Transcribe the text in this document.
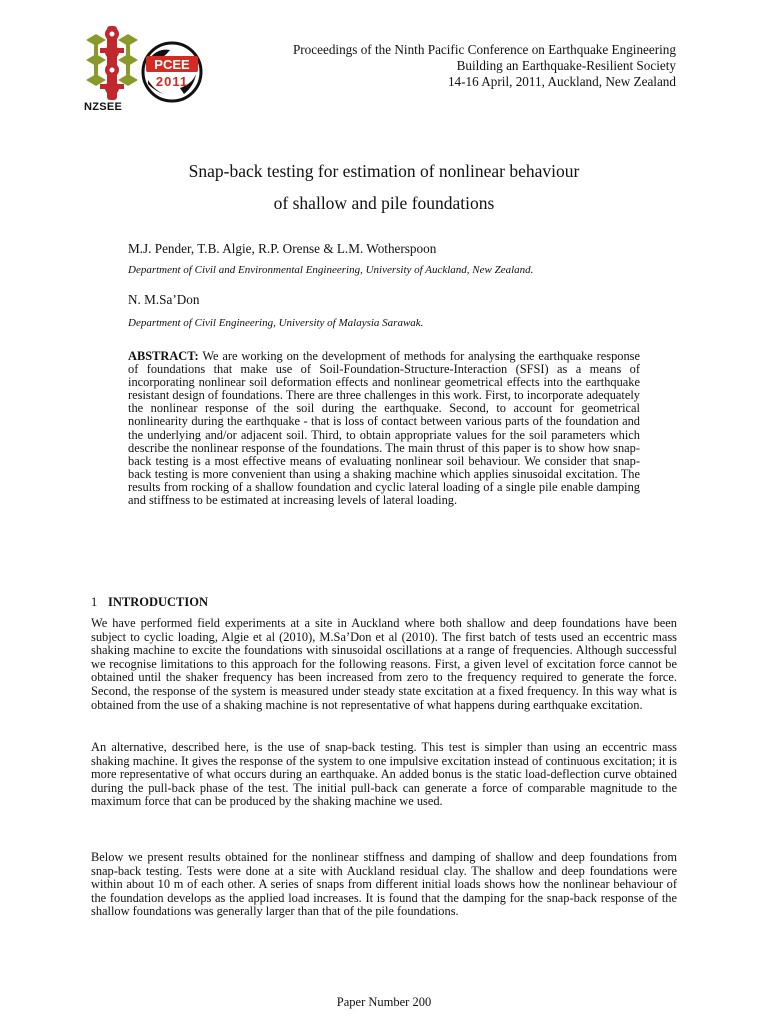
NZSEE
PCEE
2011
Proceedings of the Ninth Pacific Conference on Earthquake Engineering
Building an Earthquake-Resilient Society
14-16 April, 2011, Auckland, New Zealand
Snap-back testing for estimation of nonlinear behaviour
of shallow and pile foundations
M.J. Pender, T.B. Algie, R.P. Orense & L.M. Wotherspoon
Department of Civil and Environmental Engineering, University of Auckland, New Zealand.
N. M.Sa’Don
Department of Civil Engineering, University of Malaysia Sarawak.
ABSTRACT: We are working on the development of methods for analysing the earthquake response of foundations that make use of Soil-Foundation-Structure-Interaction (SFSI) as a means of incorporating nonlinear soil deformation effects and nonlinear geometrical effects into the earthquake resistant design of foundations. There are three challenges in this work. First, to incorporate adequately the nonlinear response of the soil during the earthquake. Second, to account for geometrical nonlinearity during the earthquake - that is loss of contact between various parts of the foundation and the underlying and/or adjacent soil. Third, to obtain appropriate values for the soil parameters which describe the nonlinear response of the foundations. The main thrust of this paper is to show how snap-back testing is a most effective means of evaluating nonlinear soil behaviour. We consider that snap-back testing is more convenient than using a shaking machine which applies sinusoidal excitation. The results from rocking of a shallow foundation and cyclic lateral loading of a single pile enable damping and stiffness to be estimated at increasing levels of lateral loading.
1 INTRODUCTION
We have performed field experiments at a site in Auckland where both shallow and deep foundations have been subject to cyclic loading, Algie et al (2010), M.Sa’Don et al (2010). The first batch of tests used an eccentric mass shaking machine to excite the foundations with sinusoidal oscillations at a range of frequencies. Although successful we recognise limitations to this approach for the following reasons. First, a given level of excitation force cannot be obtained until the shaker frequency has been increased from zero to the frequency required to generate the force. Second, the response of the system is measured under steady state excitation at a fixed frequency. In this way what is obtained from the use of a shaking machine is not representative of what happens during earthquake excitation.
An alternative, described here, is the use of snap-back testing. This test is simpler than using an eccentric mass shaking machine. It gives the response of the system to one impulsive excitation instead of continuous excitation; it is more representative of what occurs during an earthquake. An added bonus is the static load-deflection curve obtained during the pull-back phase of the test. The initial pull-back can generate a force of comparable magnitude to the maximum force that can be produced by the shaking machine we used.
Below we present results obtained for the nonlinear stiffness and damping of shallow and deep foundations from snap-back testing. Tests were done at a site with Auckland residual clay. The shallow and deep foundations were within about 10 m of each other. A series of snaps from different initial loads shows how the nonlinear behaviour of the foundation develops as the applied load increases. It is found that the damping for the snap-back response of the shallow foundations was generally larger than that of the pile foundations.
Paper Number 200
